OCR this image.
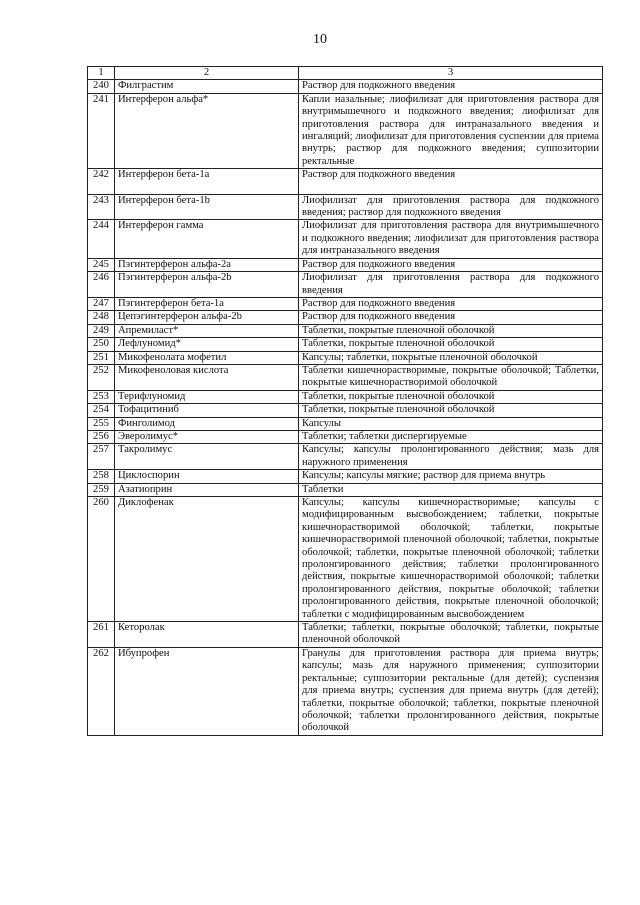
10
1	2	3
240	Филграстим	Раствор для подкожного введения
241	Интерферон альфа*	Капли назальные; лиофилизат для приготовления раствора для внутримышечного и подкожного введения; лиофилизат для приготовления раствора для интраназального введения и ингаляций; лиофилизат для приготовления суспензии для приема внутрь; раствор для подкожного введения; суппозитории ректальные
242	Интерферон бета-1а	Раствор для подкожного введения
243	Интерферон бета-1b	Лиофилизат для приготовления раствора для подкожного введения; раствор для подкожного введения
244	Интерферон гамма	Лиофилизат для приготовления раствора для внутримышечного и подкожного введения; лиофилизат для приготовления раствора для интраназального введения
245	Пэгинтерферон альфа-2а	Раствор для подкожного введения
246	Пэгинтерферон альфа-2b	Лиофилизат для приготовления раствора для подкожного введения
247	Пэгинтерферон бета-1а	Раствор для подкожного введения
248	Цепэгинтерферон альфа-2b	Раствор для подкожного введения
249	Апремиласт*	Таблетки, покрытые пленочной оболочкой
250	Лефлуномид*	Таблетки, покрытые пленочной оболочкой
251	Микофенолата мофетил	Капсулы; таблетки, покрытые пленочной оболочкой
252	Микофеноловая кислота	Таблетки кишечнорастворимые, покрытые оболочкой; Таблетки, покрытые кишечнорастворимой оболочкой
253	Терифлуномид	Таблетки, покрытые пленочной оболочкой
254	Тофацитиниб	Таблетки, покрытые пленочной оболочкой
255	Финголимод	Капсулы
256	Эверолимус*	Таблетки; таблетки диспергируемые
257	Такролимус	Капсулы; капсулы пролонгированного действия; мазь для наружного применения
258	Циклоспорин	Капсулы; капсулы мягкие; раствор для приема внутрь
259	Азатиоприн	Таблетки
260	Диклофенак	Капсулы; капсулы кишечнорастворимые; капсулы с модифицированным высвобождением; таблетки, покрытые кишечнорастворимой оболочкой; таблетки, покрытые кишечнорастворимой пленочной оболочкой; таблетки, покрытые оболочкой; таблетки, покрытые пленочной оболочкой; таблетки пролонгированного действия; таблетки пролонгированного действия, покрытые кишечнорастворимой оболочкой; таблетки пролонгированного действия, покрытые оболочкой; таблетки пролонгированного действия, покрытые пленочной оболочкой; таблетки с модифицированным высвобождением
261	Кеторолак	Таблетки; таблетки, покрытые оболочкой; таблетки, покрытые пленочной оболочкой
262	Ибупрофен	Гранулы для приготовления раствора для приема внутрь; капсулы; мазь для наружного применения; суппозитории ректальные; суппозитории ректальные (для детей); суспензия для приема внутрь; суспензия для приема внутрь (для детей); таблетки, покрытые оболочкой; таблетки, покрытые пленочной оболочкой; таблетки пролонгированного действия, покрытые оболочкой
